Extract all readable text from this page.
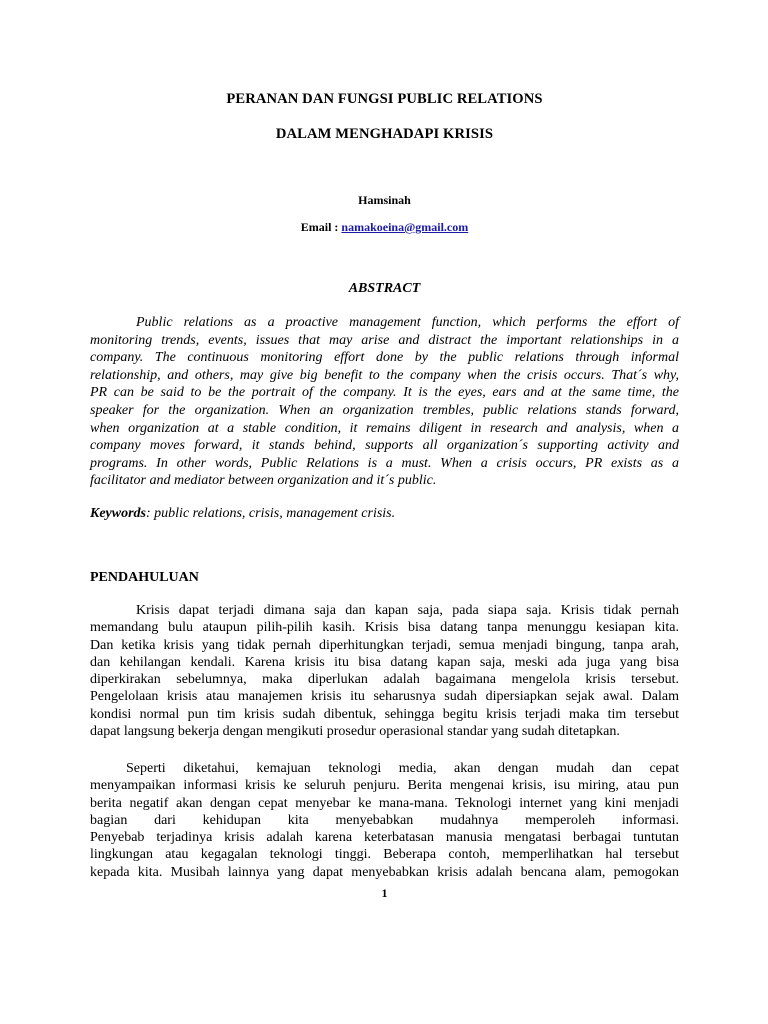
PERANAN DAN FUNGSI PUBLIC RELATIONS
DALAM MENGHADAPI KRISIS
Hamsinah
Email : namakoeina@gmail.com
ABSTRACT
Public relations as a proactive management function, which performs the effort of
monitoring trends, events, issues that may arise and distract the important relationships in a
company. The continuous monitoring effort done by the public relations through informal
relationship, and others, may give big benefit to the company when the crisis occurs. That´s why,
PR can be said to be the portrait of the company. It is the eyes, ears and at the same time, the
speaker for the organization. When an organization trembles, public relations stands forward,
when organization at a stable condition, it remains diligent in research and analysis, when a
company moves forward, it stands behind, supports all organization´s supporting activity and
programs. In other words, Public Relations is a must. When a crisis occurs, PR exists as a
facilitator and mediator between organization and it´s public.
Keywords: public relations, crisis, management crisis.
PENDAHULUAN
Krisis dapat terjadi dimana saja dan kapan saja, pada siapa saja. Krisis tidak pernah
memandang bulu ataupun pilih-pilih kasih. Krisis bisa datang tanpa menunggu kesiapan kita.
Dan ketika krisis yang tidak pernah diperhitungkan terjadi, semua menjadi bingung, tanpa arah,
dan kehilangan kendali. Karena krisis itu bisa datang kapan saja, meski ada juga yang bisa
diperkirakan sebelumnya, maka diperlukan adalah bagaimana mengelola krisis tersebut.
Pengelolaan krisis atau manajemen krisis itu seharusnya sudah dipersiapkan sejak awal. Dalam
kondisi normal pun tim krisis sudah dibentuk, sehingga begitu krisis terjadi maka tim tersebut
dapat langsung bekerja dengan mengikuti prosedur operasional standar yang sudah ditetapkan.
Seperti diketahui, kemajuan teknologi media, akan dengan mudah dan cepat
menyampaikan informasi krisis ke seluruh penjuru. Berita mengenai krisis, isu miring, atau pun
berita negatif akan dengan cepat menyebar ke mana-mana. Teknologi internet yang kini menjadi
bagian dari kehidupan kita menyebabkan mudahnya memperoleh informasi.
Penyebab terjadinya krisis adalah karena keterbatasan manusia mengatasi berbagai tuntutan
lingkungan atau kegagalan teknologi tinggi. Beberapa contoh, memperlihatkan hal tersebut
kepada kita. Musibah lainnya yang dapat menyebabkan krisis adalah bencana alam, pemogokan
1
